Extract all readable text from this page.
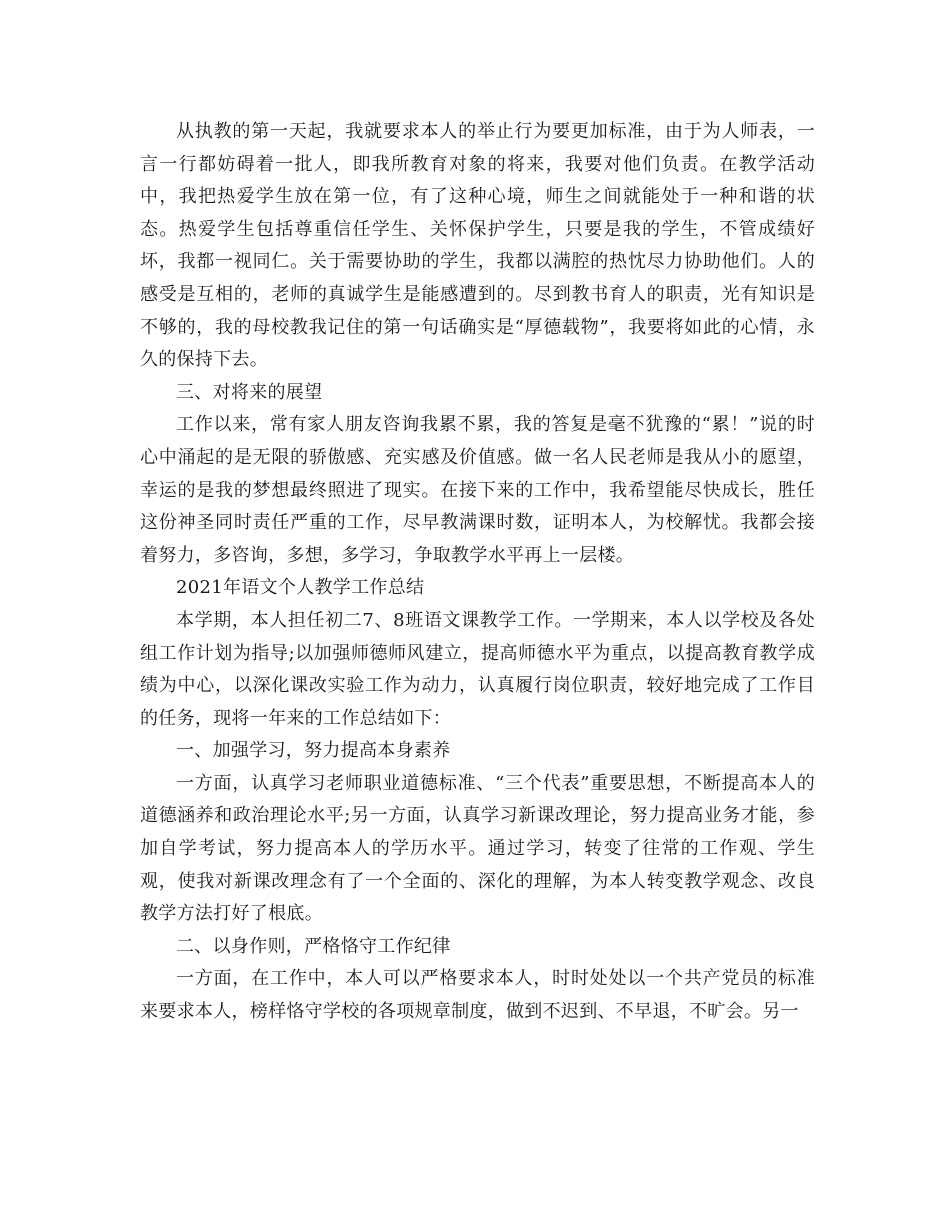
从执教的第一天起，我就要求本人的举止行为要更加标准，由于为人师表，一言一行都妨碍着一批人，即我所教育对象的将来，我要对他们负责。在教学活动中，我把热爱学生放在第一位，有了这种心境，师生之间就能处于一种和谐的状态。热爱学生包括尊重信任学生、关怀保护学生，只要是我的学生，不管成绩好坏，我都一视同仁。关于需要协助的学生，我都以满腔的热忱尽力协助他们。人的感受是互相的，老师的真诚学生是能感遭到的。尽到教书育人的职责，光有知识是不够的，我的母校教我记住的第一句话确实是“厚德载物”，我要将如此的心情，永久的保持下去。

三、对将来的展望

工作以来，常有家人朋友咨询我累不累，我的答复是毫不犹豫的“累！”说的时心中涌起的是无限的骄傲感、充实感及价值感。做一名人民老师是我从小的愿望，幸运的是我的梦想最终照进了现实。在接下来的工作中，我希望能尽快成长，胜任这份神圣同时责任严重的工作，尽早教满课时数，证明本人，为校解忧。我都会接着努力，多咨询，多想，多学习，争取教学水平再上一层楼。

2021年语文个人教学工作总结

本学期，本人担任初二7、8班语文课教学工作。一学期来，本人以学校及各处组工作计划为指导;以加强师德师风建立，提高师德水平为重点，以提高教育教学成绩为中心，以深化课改实验工作为动力，认真履行岗位职责，较好地完成了工作目的任务，现将一年来的工作总结如下：

一、加强学习，努力提高本身素养

一方面，认真学习老师职业道德标准、“三个代表”重要思想，不断提高本人的道德涵养和政治理论水平;另一方面，认真学习新课改理论，努力提高业务才能，参加自学考试，努力提高本人的学历水平。通过学习，转变了往常的工作观、学生观，使我对新课改理念有了一个全面的、深化的理解，为本人转变教学观念、改良教学方法打好了根底。

二、以身作则，严格恪守工作纪律

一方面，在工作中，本人可以严格要求本人，时时处处以一个共产党员的标准来要求本人，榜样恪守学校的各项规章制度，做到不迟到、不早退，不旷会。另一
